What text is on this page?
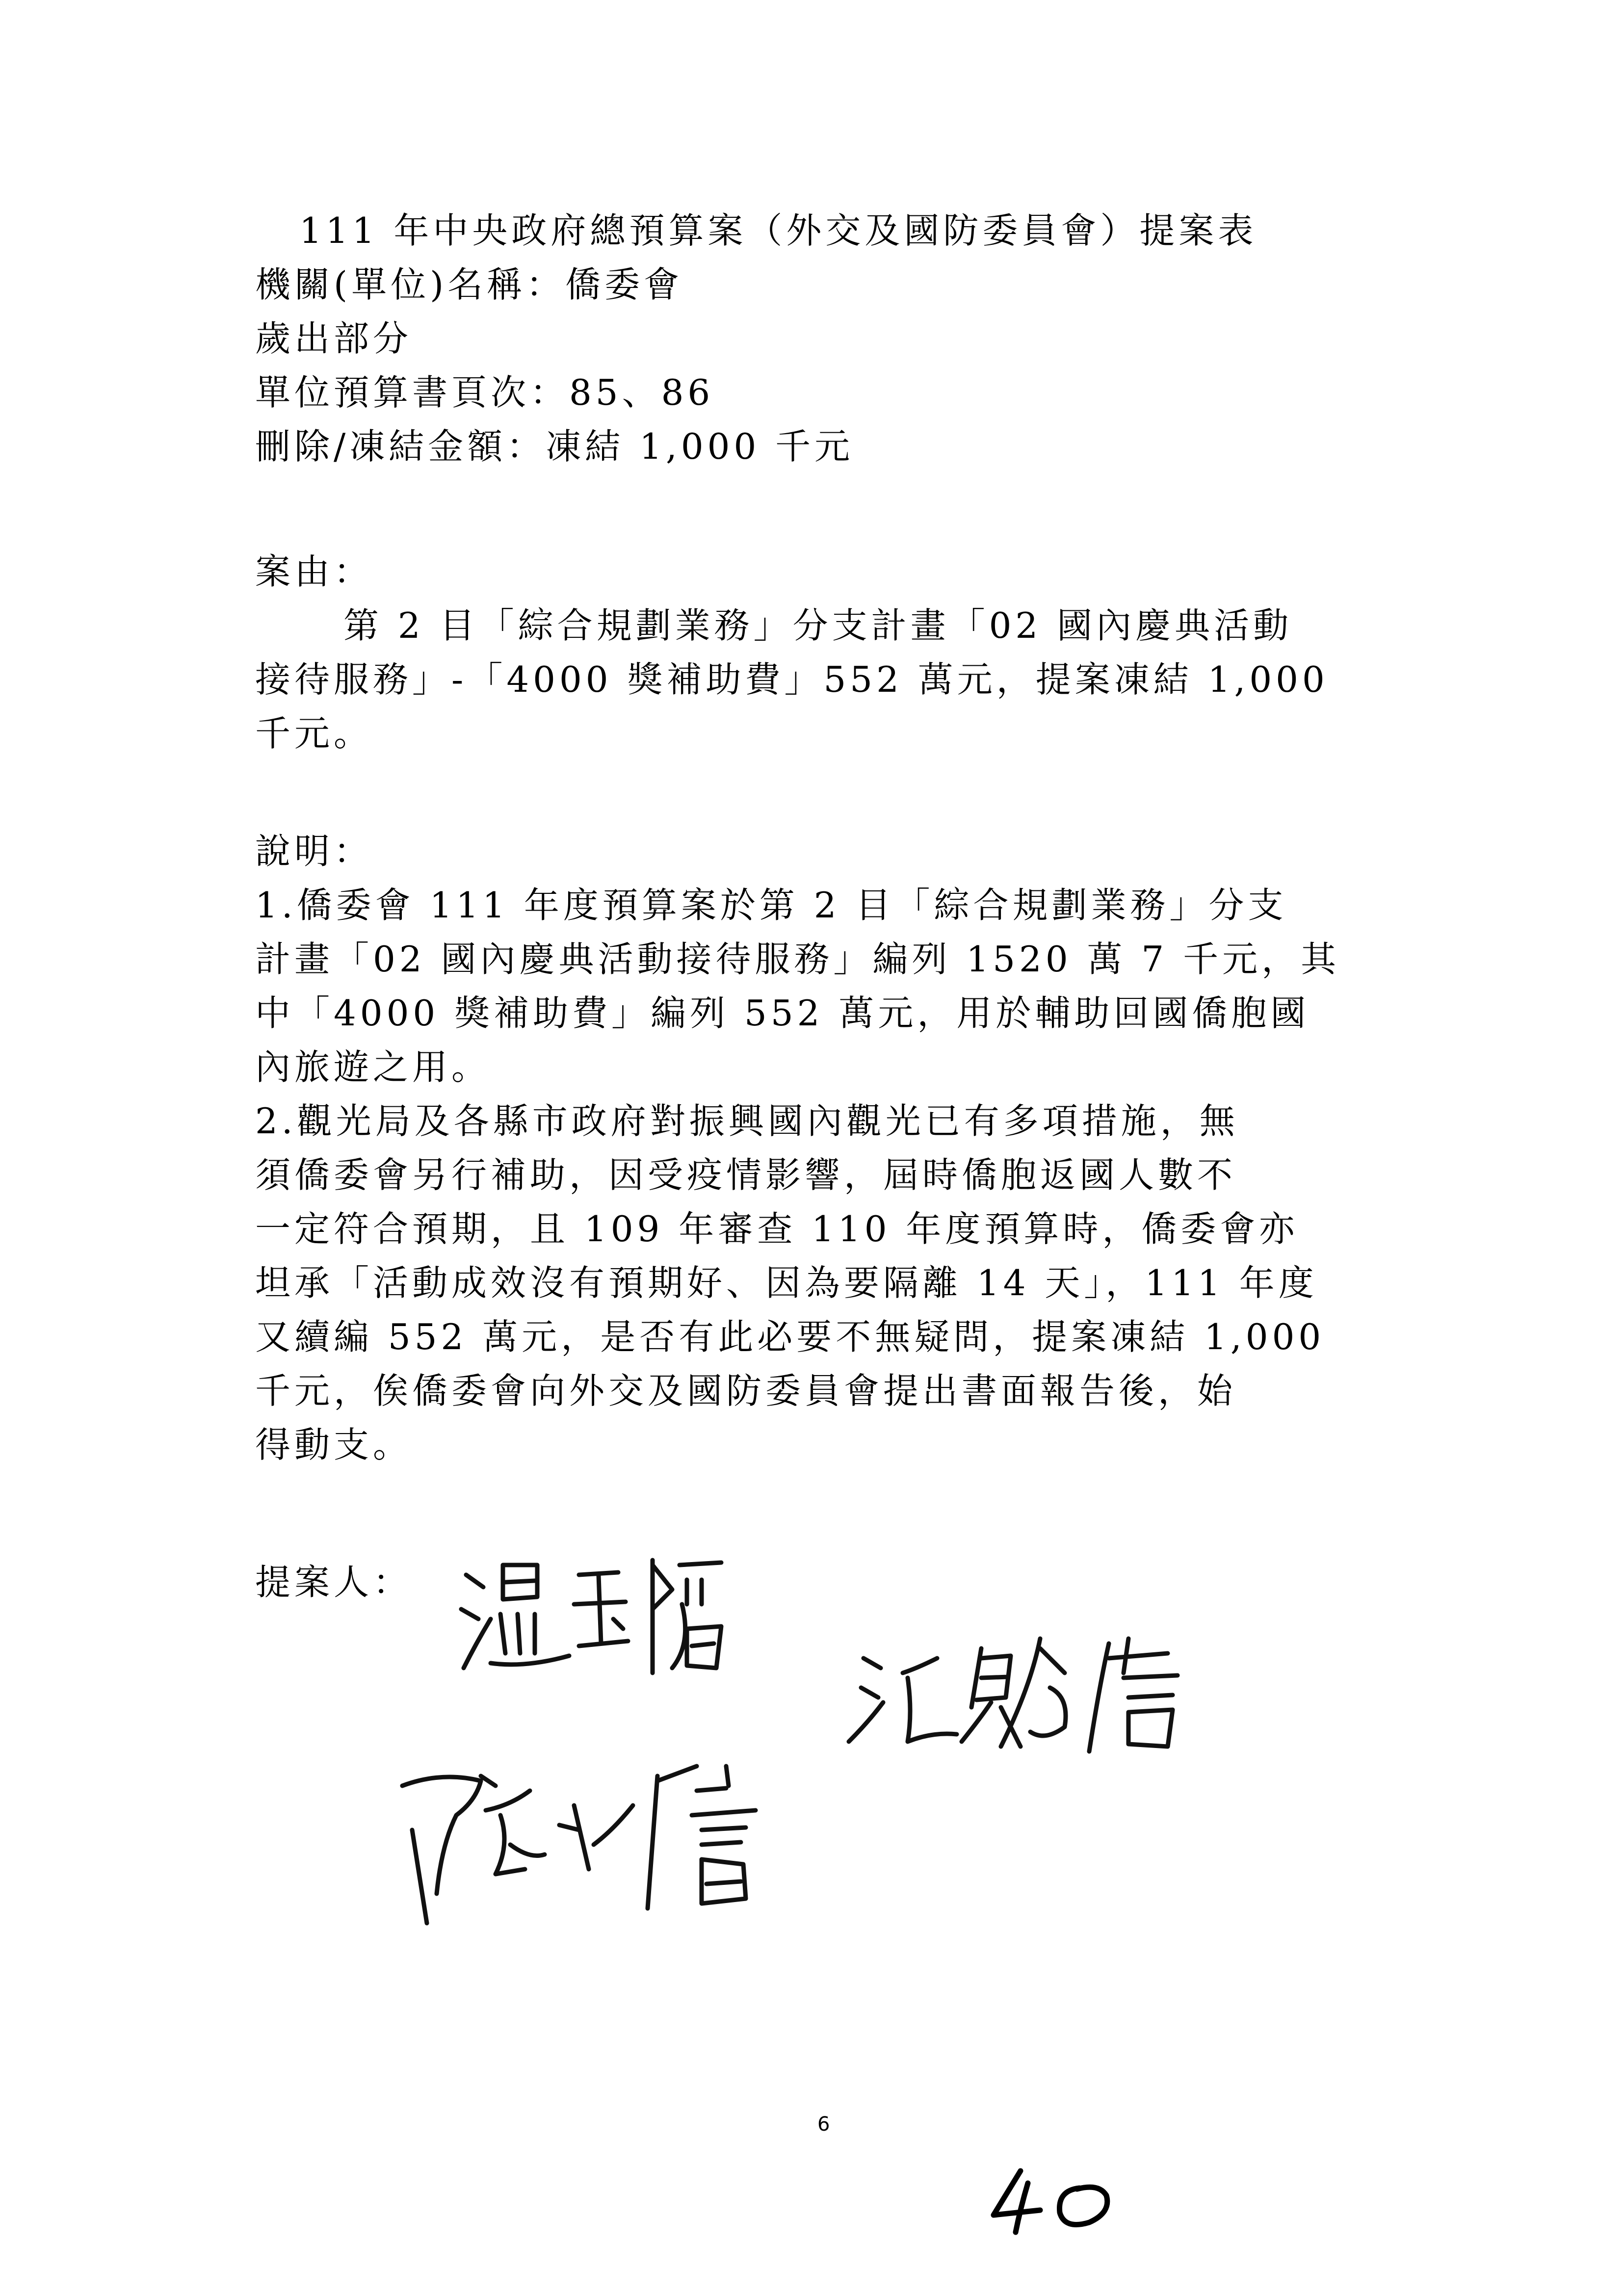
111 年中央政府總預算案（外交及國防委員會）提案表
機關(單位)名稱：僑委會
歲出部分
單位預算書頁次：85、86
刪除/凍結金額：凍結 1,000 千元
案由：
第 2 目「綜合規劃業務」分支計畫「02 國內慶典活動
接待服務」-「4000 獎補助費」552 萬元，提案凍結 1,000
千元。
說明：
1.僑委會 111 年度預算案於第 2 目「綜合規劃業務」分支
計畫「02 國內慶典活動接待服務」編列 1520 萬 7 千元，其
中「4000 獎補助費」編列 552 萬元，用於輔助回國僑胞國
內旅遊之用。
2.觀光局及各縣市政府對振興國內觀光已有多項措施，無
須僑委會另行補助，因受疫情影響，屆時僑胞返國人數不
一定符合預期，且 109 年審查 110 年度預算時，僑委會亦
坦承「活動成效沒有預期好、因為要隔離 14 天」，111 年度
又續編 552 萬元，是否有此必要不無疑問，提案凍結 1,000
千元，俟僑委會向外交及國防委員會提出書面報告後，始
得動支。
提案人：
6
